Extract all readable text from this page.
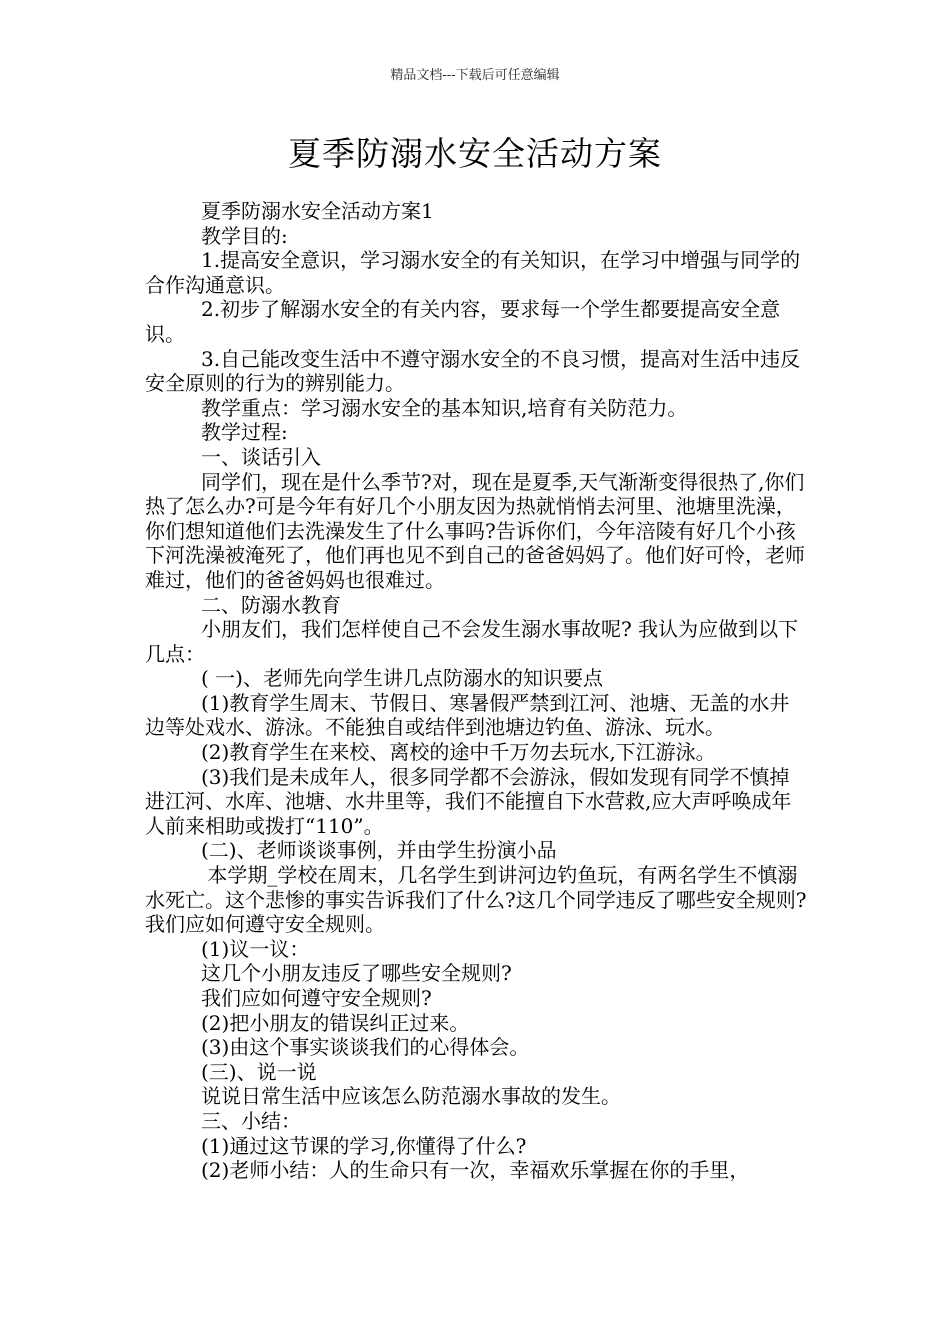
精品文档---下载后可任意编辑
夏季防溺水安全活动方案

夏季防溺水安全活动方案1

教学目的:

1.提高安全意识，学习溺水安全的有关知识，在学习中增强与同学的合作沟通意识。

2.初步了解溺水安全的有关内容，要求每一个学生都要提高安全意识。

3.自己能改变生活中不遵守溺水安全的不良习惯，提高对生活中违反安全原则的行为的辨别能力。

教学重点：学习溺水安全的基本知识,培育有关防范力。

教学过程:

一、谈话引入

同学们，现在是什么季节?对，现在是夏季,天气渐渐变得很热了,你们热了怎么办?可是今年有好几个小朋友因为热就悄悄去河里、池塘里洗澡，你们想知道他们去洗澡发生了什么事吗?告诉你们，今年涪陵有好几个小孩下河洗澡被淹死了，他们再也见不到自己的爸爸妈妈了。他们好可怜，老师难过，他们的爸爸妈妈也很难过。

二、防溺水教育

小朋友们，我们怎样使自己不会发生溺水事故呢? 我认为应做到以下几点：

( 一)、老师先向学生讲几点防溺水的知识要点

(1)教育学生周末、节假日、寒暑假严禁到江河、池塘、无盖的水井边等处戏水、游泳。不能独自或结伴到池塘边钓鱼、游泳、玩水。

(2)教育学生在来校、离校的途中千万勿去玩水,下江游泳。

(3)我们是未成年人，很多同学都不会游泳，假如发现有同学不慎掉进江河、水库、池塘、水井里等，我们不能擅自下水营救,应大声呼唤成年人前来相助或拨打“110”。

(二)、老师谈谈事例，并由学生扮演小品

本学期_学校在周末，几名学生到讲河边钓鱼玩，有两名学生不慎溺水死亡。这个悲惨的事实告诉我们了什么?这几个同学违反了哪些安全规则?我们应如何遵守安全规则。

(1)议一议：

这几个小朋友违反了哪些安全规则?

我们应如何遵守安全规则?

(2)把小朋友的错误纠正过来。

(3)由这个事实谈谈我们的心得体会。

(三)、说一说

说说日常生活中应该怎么防范溺水事故的发生。

三、小结：

(1)通过这节课的学习,你懂得了什么?

(2)老师小结：人的生命只有一次，幸福欢乐掌握在你的手里，
